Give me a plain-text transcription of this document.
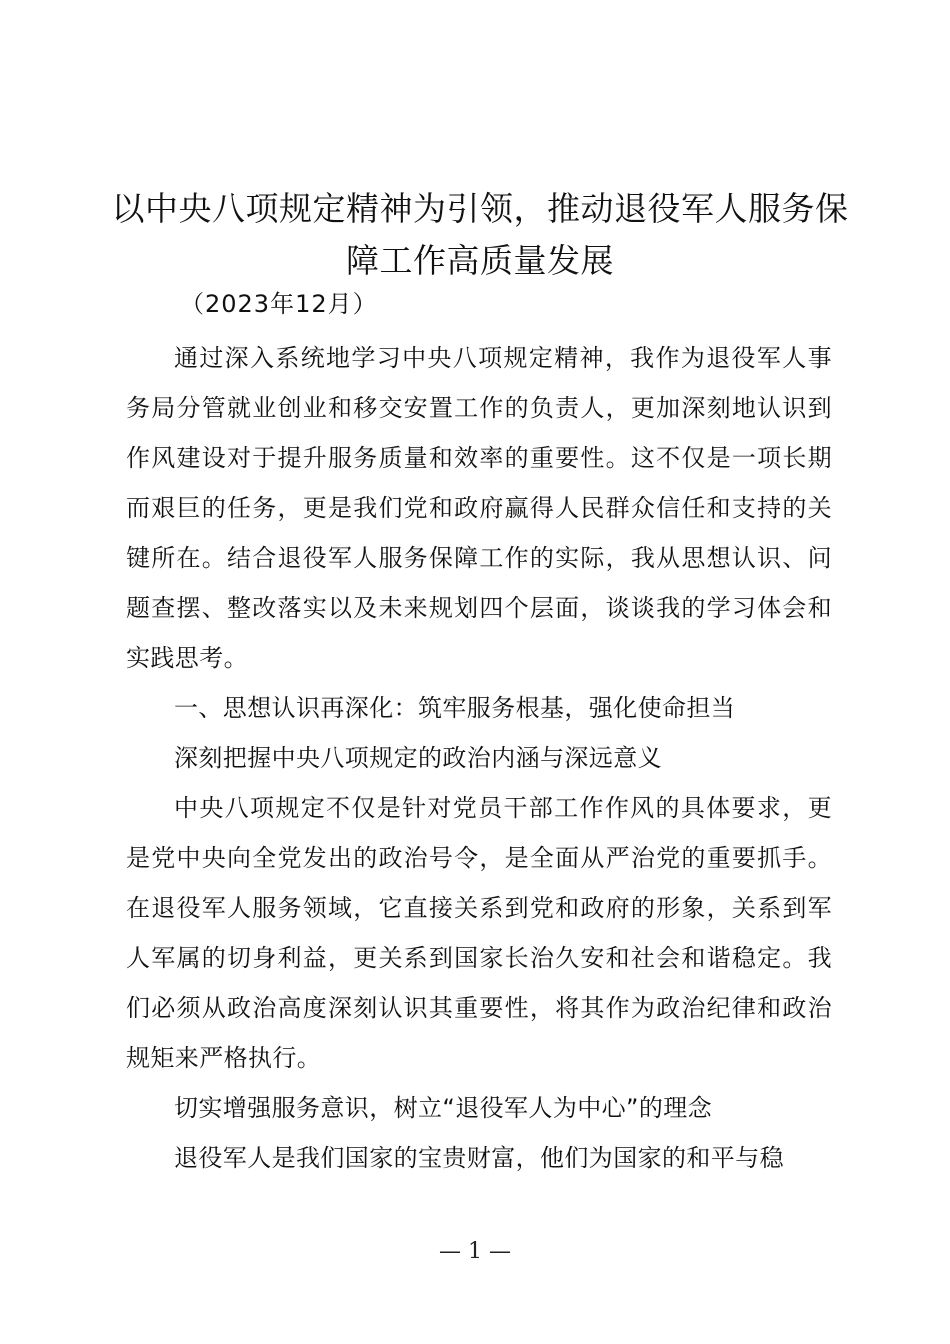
以中央八项规定精神为引领，推动退役军人服务保障工作高质量发展
（2023年12月）

通过深入系统地学习中央八项规定精神，我作为退役军人事务局分管就业创业和移交安置工作的负责人，更加深刻地认识到作风建设对于提升服务质量和效率的重要性。这不仅是一项长期而艰巨的任务，更是我们党和政府赢得人民群众信任和支持的关键所在。结合退役军人服务保障工作的实际，我从思想认识、问题查摆、整改落实以及未来规划四个层面，谈谈我的学习体会和实践思考。

一、思想认识再深化：筑牢服务根基，强化使命担当

深刻把握中央八项规定的政治内涵与深远意义

中央八项规定不仅是针对党员干部工作作风的具体要求，更是党中央向全党发出的政治号令，是全面从严治党的重要抓手。在退役军人服务领域，它直接关系到党和政府的形象，关系到军人军属的切身利益，更关系到国家长治久安和社会和谐稳定。我们必须从政治高度深刻认识其重要性，将其作为政治纪律和政治规矩来严格执行。

切实增强服务意识，树立“退役军人为中心”的理念

退役军人是我们国家的宝贵财富，他们为国家的和平与稳

— 1 —
